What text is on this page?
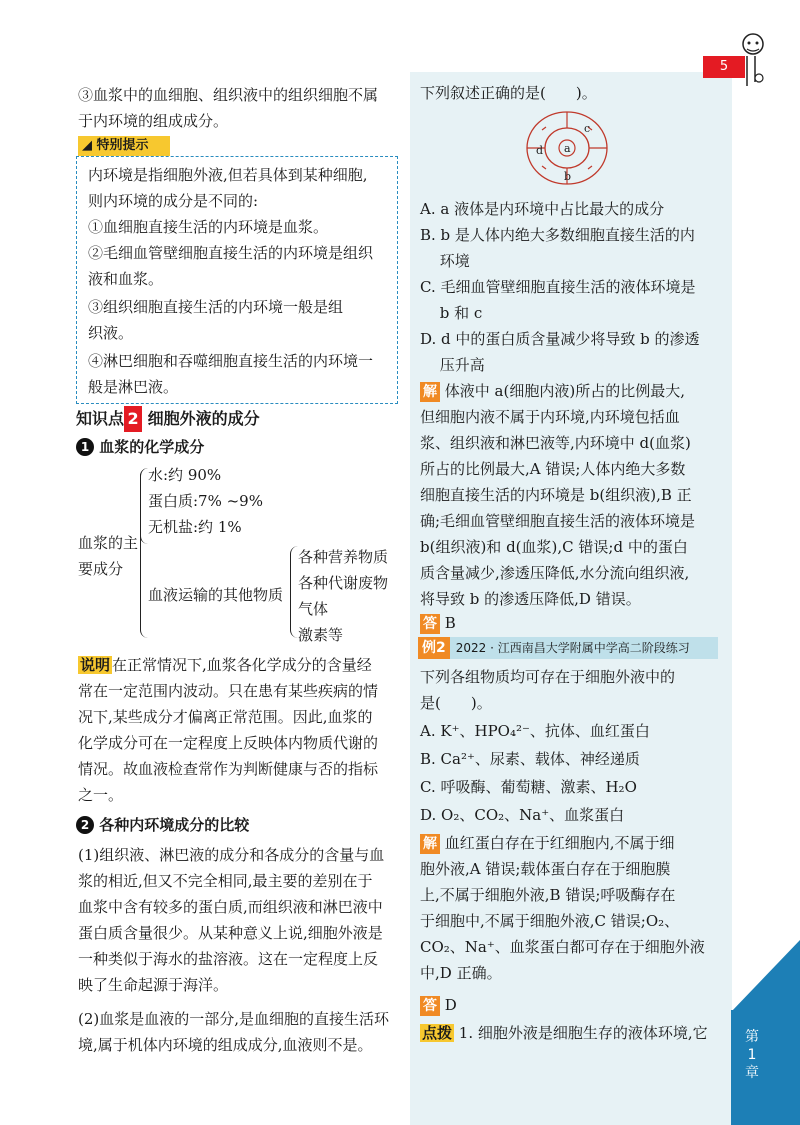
5
③血浆中的血细胞、组织液中的组织细胞不属
于内环境的组成成分。
◢ 特别提示
内环境是指细胞外液,但若具体到某种细胞,
则内环境的成分是不同的:
①血细胞直接生活的内环境是血浆。
②毛细血管壁细胞直接生活的内环境是组织
液和血浆。
③组织细胞直接生活的内环境一般是组
织液。
④淋巴细胞和吞噬细胞直接生活的内环境一
般是淋巴液。
知识点 2 细胞外液的成分
1 血浆的化学成分
血浆的主
要成分
水:约 90%
蛋白质:7% ~9%
无机盐:约 1%
血液运输的其他物质
各种营养物质
各种代谢废物
气体
激素等
说明 在正常情况下,血浆各化学成分的含量经
常在一定范围内波动。只在患有某些疾病的情
况下,某些成分才偏离正常范围。因此,血浆的
化学成分可在一定程度上反映体内物质代谢的
情况。故血液检查常作为判断健康与否的指标
之一。
2 各种内环境成分的比较
(1)组织液、淋巴液的成分和各成分的含量与血
浆的相近,但又不完全相同,最主要的差别在于
血浆中含有较多的蛋白质,而组织液和淋巴液中
蛋白质含量很少。从某种意义上说,细胞外液是
一种类似于海水的盐溶液。这在一定程度上反
映了生命起源于海洋。
(2)血浆是血液的一部分,是血细胞的直接生活环
境,属于机体内环境的组成成分,血液则不是。
下列叙述正确的是(　　)。
a
b
c
d
A. a 液体是内环境中占比最大的成分
B. b 是人体内绝大多数细胞直接生活的内
　 环境
C. 毛细血管壁细胞直接生活的液体环境是
　 b 和 c
D. d 中的蛋白质含量减少将导致 b 的渗透
　 压升高
解 体液中 a(细胞内液)所占的比例最大,
但细胞内液不属于内环境,内环境包括血
浆、组织液和淋巴液等,内环境中 d(血浆)
所占的比例最大,A 错误;人体内绝大多数
细胞直接生活的内环境是 b(组织液),B 正
确;毛细血管壁细胞直接生活的液体环境是
b(组织液)和 d(血浆),C 错误;d 中的蛋白
质含量减少,渗透压降低,水分流向组织液,
将导致 b 的渗透压降低,D 错误。
答 B
例2 2022 · 江西南昌大学附属中学高二阶段练习
下列各组物质均可存在于细胞外液中的
是(　　)。
A. K⁺、HPO₄²⁻、抗体、血红蛋白
B. Ca²⁺、尿素、载体、神经递质
C. 呼吸酶、葡萄糖、激素、H₂O
D. O₂、CO₂、Na⁺、血浆蛋白
解 血红蛋白存在于红细胞内,不属于细
胞外液,A 错误;载体蛋白存在于细胞膜
上,不属于细胞外液,B 错误;呼吸酶存在
于细胞中,不属于细胞外液,C 错误;O₂、
CO₂、Na⁺、血浆蛋白都可存在于细胞外液
中,D 正确。
答 D
点拨 1. 细胞外液是细胞生存的液体环境,它	第1章
